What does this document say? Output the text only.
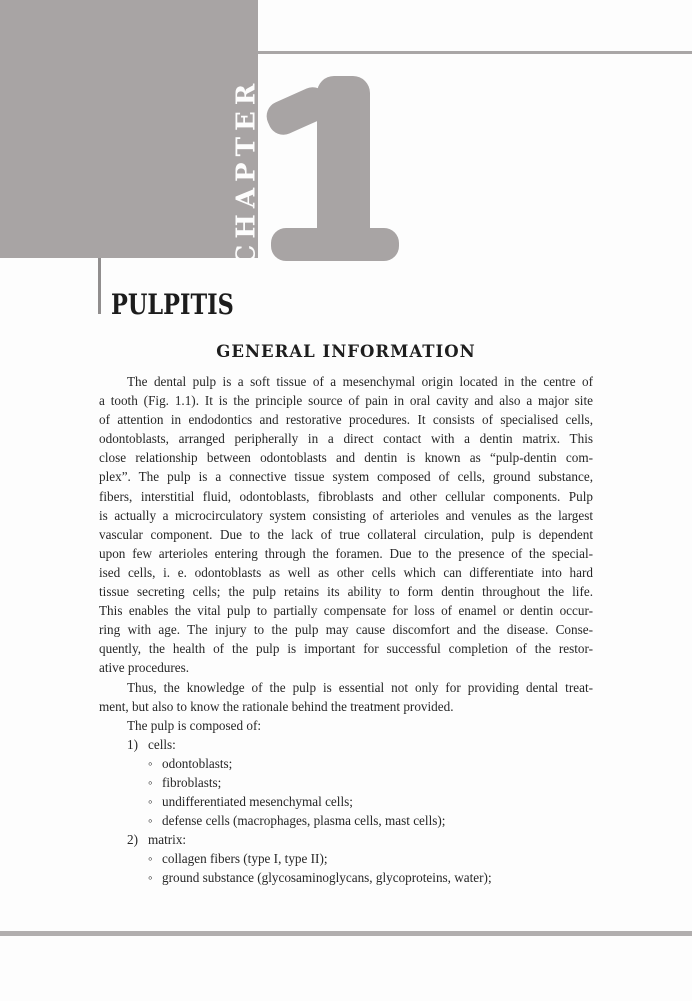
CHAPTER
PULPITIS
GENERAL INFORMATION
The dental pulp is a soft tissue of a mesenchymal origin located in the centre of
a tooth (Fig. 1.1). It is the principle source of pain in oral cavity and also a major site
of attention in endodontics and restorative procedures. It consists of specialised cells,
odontoblasts, arranged peripherally in a direct contact with a dentin matrix. This
close relationship between odontoblasts and dentin is known as “pulp-dentin com-
plex”. The pulp is a connective tissue system composed of cells, ground substance,
fibers, interstitial fluid, odontoblasts, fibroblasts and other cellular components. Pulp
is actually a microcirculatory system consisting of arterioles and venules as the largest
vascular component. Due to the lack of true collateral circulation, pulp is dependent
upon few arterioles entering through the foramen. Due to the presence of the special-
ised cells, i. e. odontoblasts as well as other cells which can differentiate into hard
tissue secreting cells; the pulp retains its ability to form dentin throughout the life.
This enables the vital pulp to partially compensate for loss of enamel or dentin occur-
ring with age. The injury to the pulp may cause discomfort and the disease. Conse-
quently, the health of the pulp is important for successful completion of the restor-
ative procedures.
Thus, the knowledge of the pulp is essential not only for providing dental treat-
ment, but also to know the rationale behind the treatment provided.
The pulp is composed of:
1) cells:
◦ odontoblasts;
◦ fibroblasts;
◦ undifferentiated mesenchymal cells;
◦ defense cells (macrophages, plasma cells, mast cells);
2) matrix:
◦ collagen fibers (type I, type II);
◦ ground substance (glycosaminoglycans, glycoproteins, water);
